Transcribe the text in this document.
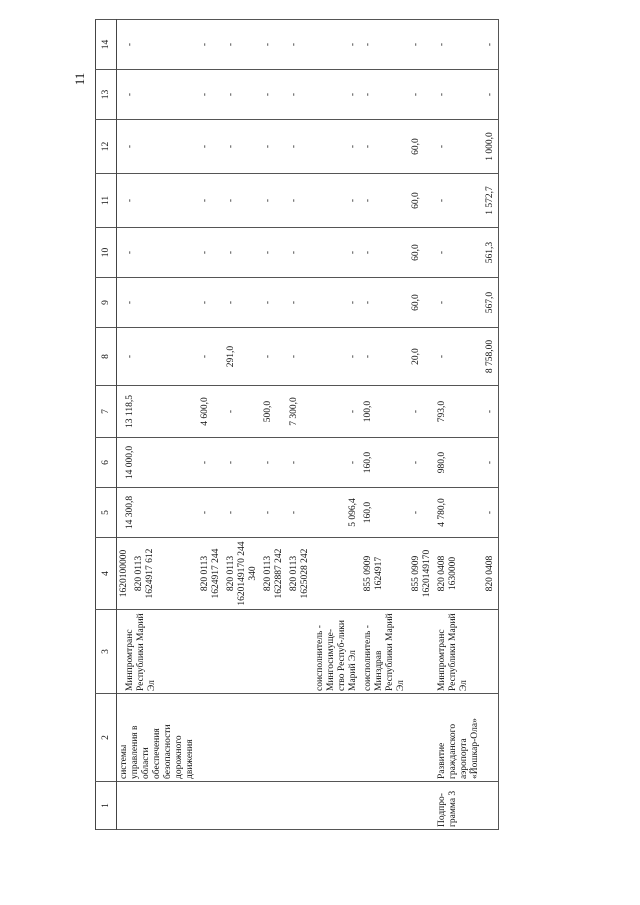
11
1	2	3	4	5	6	7	8	9	10	11	12	13	14
	системы управления в области обеспечения безопасности дорожного движения	Минпромтранс Республики Марий Эл	1620100000 820 0113 1624917 612	14 300,8	14 000,0	13 118,5	-	-	-	-	-	-	-
			820 0113 1624917 244	-	-	4 600,0	-	-	-	-	-	-	-
			820 0113 1620149170 244 340	-	-	-	291,0	-	-	-	-	-	-
			820 0113 1622887 242	-	-	500,0	-	-	-	-	-	-	-
			820 0113 1625028 242	-	-	7 300,0	-	-	-	-	-	-	-
		соисполнитель - Мингосимуще-ство Респуб-лики Марий Эл		5 096,4	-	-	-	-	-	-	-	-	-
		соисполнитель - Минздрав Республики Марий Эл	855 0909 1624917	160,0	160,0	100,0	-	-	-	-	-	-	-
			855 0909 1620149170	-	-	-	20,0	60,0	60,0	60,0	60,0	-	-
Подпро-грамма 3	Развитие гражданского аэропорта «Йошкар-Ола»	Минпромтранс Республики Марий Эл	820 0408 1630000	4 780,0	980,0	793,0	-	-	-	-	-	-	-
			820 0408	-	-	-	8 758,00	567,0	561,3	1 572,7	1 000,0	-	-
